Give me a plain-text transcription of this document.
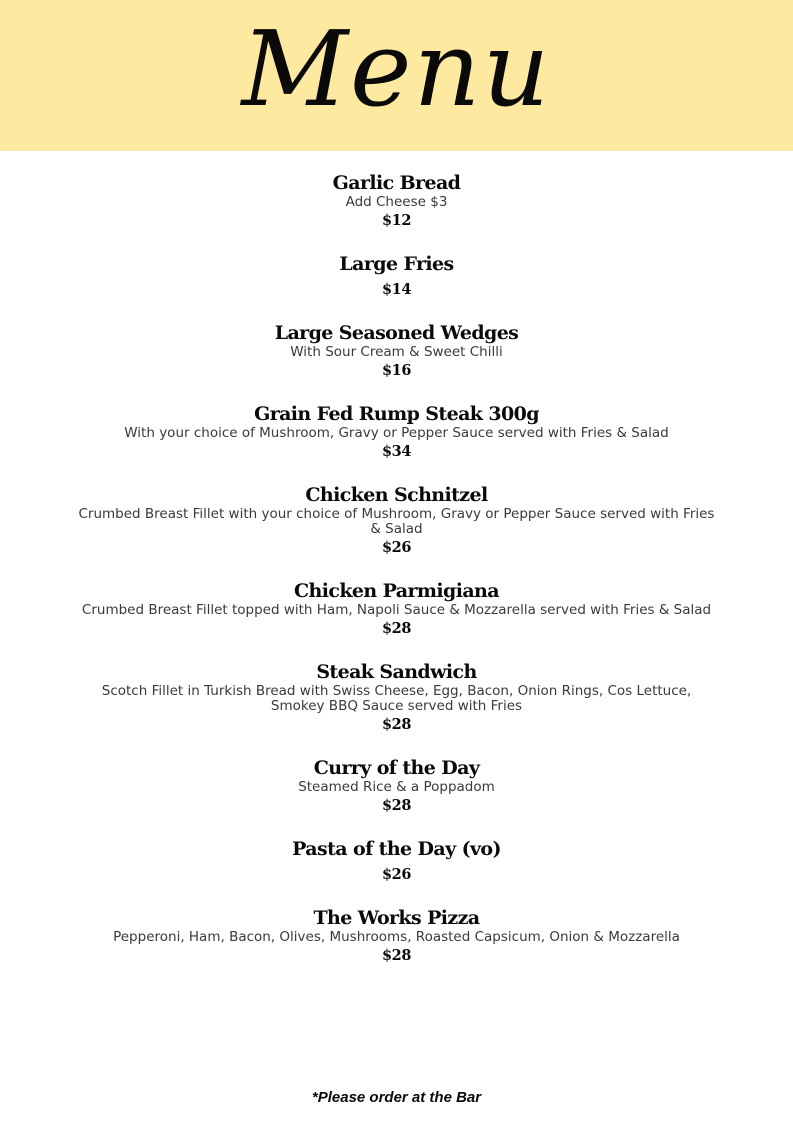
Menu
Garlic Bread
Add Cheese $3
$12
Large Fries
$14
Large Seasoned Wedges
With Sour Cream & Sweet Chilli
$16
Grain Fed Rump Steak 300g
With your choice of Mushroom, Gravy or Pepper Sauce served with Fries & Salad
$34
Chicken Schnitzel
Crumbed Breast Fillet with your choice of Mushroom, Gravy or Pepper Sauce served with Fries & Salad
$26
Chicken Parmigiana
Crumbed Breast Fillet topped with Ham, Napoli Sauce & Mozzarella served with Fries & Salad
$28
Steak Sandwich
Scotch Fillet in Turkish Bread with Swiss Cheese, Egg, Bacon, Onion Rings, Cos Lettuce, Smokey BBQ Sauce served with Fries
$28
Curry of the Day
Steamed Rice & a Poppadom
$28
Pasta of the Day (vo)
$26
The Works Pizza
Pepperoni, Ham, Bacon, Olives, Mushrooms, Roasted Capsicum, Onion & Mozzarella
$28
*Please order at the Bar
